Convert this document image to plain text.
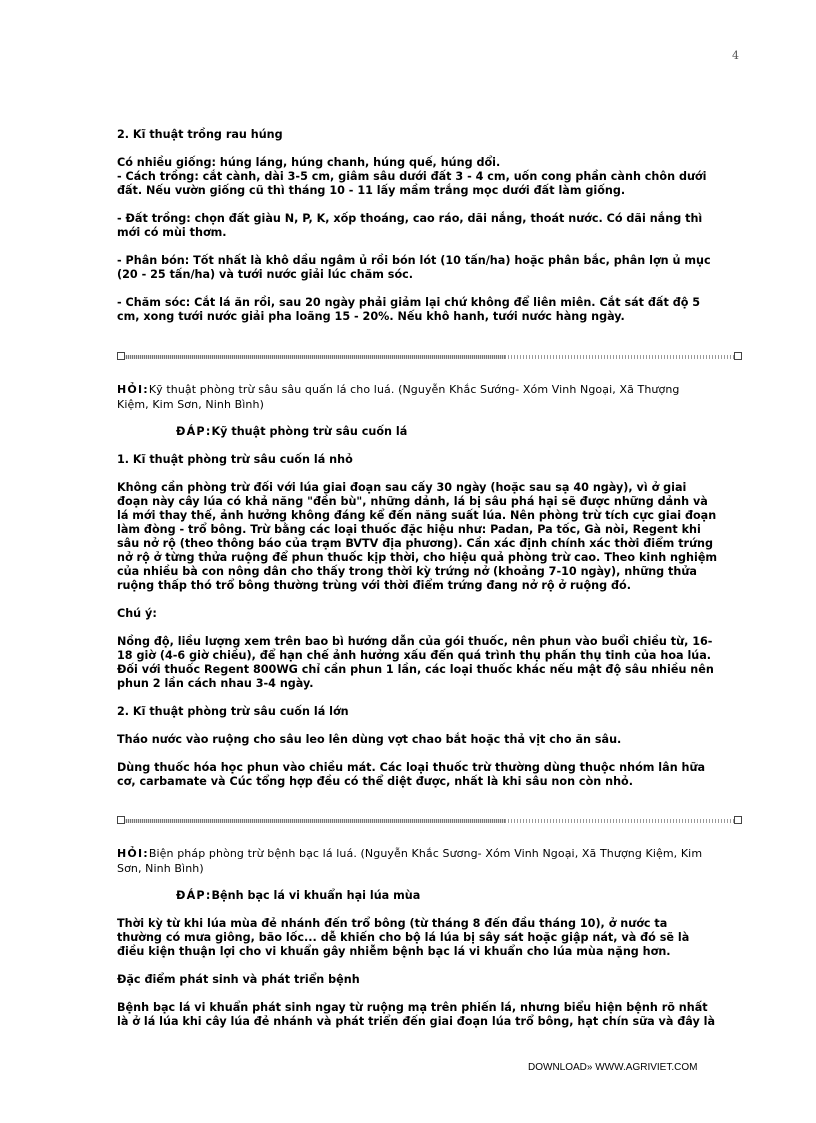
4

2. Kĩ thuật trồng rau húng

Có nhiều giống: húng láng, húng chanh, húng quế, húng dổi.

- Cách trồng: cắt cành, dài 3-5 cm, giâm sâu dưới đất 3 - 4 cm, uốn cong phần cành chôn dưới

đất. Nếu vườn giống cũ thì tháng 10 - 11 lấy mầm trắng mọc dưới đất làm giống.

- Đất trồng: chọn đất giàu N, P, K, xốp thoáng, cao ráo, dãi nắng, thoát nước. Có dãi nắng thì

mới có mùi thơm.

- Phân bón: Tốt nhất là khô dầu ngâm ủ rồi bón lót (10 tấn/ha) hoặc phân bắc, phân lợn ủ mục

(20 - 25 tấn/ha) và tưới nước giải lúc chăm sóc.

- Chăm sóc: Cắt lá ăn rồi, sau 20 ngày phải giảm lại chứ không để liên miên. Cắt sát đất độ 5

cm, xong tưới nước giải pha loãng 15 - 20%. Nếu khô hanh, tưới nước hàng ngày.

HỎI:Kỹ thuật phòng trừ sâu sâu quấn lá cho luá. (Nguyễn Khắc Sướng- Xóm Vinh Ngoại, Xã Thượng

Kiệm, Kim Sơn, Ninh Bình)

ĐÁP:Kỹ thuật phòng trừ sâu cuốn lá

1. Kĩ thuật phòng trừ sâu cuốn lá nhỏ

Không cần phòng trừ đối với lúa giai đoạn sau cấy 30 ngày (hoặc sau sạ 40 ngày), vì ở giai

đoạn này cây lúa có khả năng "đền bù", những dảnh, lá bị sâu phá hại sẽ được những dảnh và

lá mới thay thế, ảnh hưởng không đáng kể đến năng suất lúa. Nên phòng trừ tích cực giai đoạn

làm đòng - trổ bông. Trừ bằng các loại thuốc đặc hiệu như: Padan, Pa tốc, Gà nòi, Regent khi

sâu nở rộ (theo thông báo của trạm BVTV địa phương). Cần xác định chính xác thời điểm trứng

nở rộ ở từng thửa ruộng để phun thuốc kịp thời, cho hiệu quả phòng trừ cao. Theo kinh nghiệm

của nhiều bà con nông dân cho thấy trong thời kỳ trứng nở (khoảng 7-10 ngày), những thửa

ruộng thấp thó trổ bông thường trùng với thời điểm trứng đang nở rộ ở ruộng đó.

Chú ý:

Nồng độ, liều lượng xem trên bao bì hướng dẫn của gói thuốc, nên phun vào buổi chiều từ, 16-

18 giờ (4-6 giờ chiều), để hạn chế ảnh hưởng xấu đến quá trình thụ phấn thụ tinh của hoa lúa.

Đối với thuốc Regent 800WG chỉ cần phun 1 lần, các loại thuốc khác nếu mật độ sâu nhiều nên

phun 2 lần cách nhau 3-4 ngày.

2. Kĩ thuật phòng trừ sâu cuốn lá lớn

Tháo nước vào ruộng cho sâu leo lên dùng vợt chao bắt hoặc thả vịt cho ăn sâu.

Dùng thuốc hóa học phun vào chiều mát. Các loại thuốc trừ thường dùng thuộc nhóm lân hữa

cơ, carbamate và Cúc tổng hợp đều có thể diệt được, nhất là khi sâu non còn nhỏ.

HỎI:Biện pháp phòng trừ bệnh bạc lá luá. (Nguyễn Khắc Sương- Xóm Vinh Ngoại, Xã Thượng Kiệm, Kim

Sơn, Ninh Bình)

ĐÁP:Bệnh bạc lá vi khuẩn hại lúa mùa

Thời kỳ từ khi lúa mùa đẻ nhánh đến trổ bông (từ tháng 8 đến đầu tháng 10), ở nước ta

thường có mưa giông, bão lốc... dễ khiến cho bộ lá lúa bị sây sát hoặc giập nát, và đó sẽ là

điều kiện thuận lợi cho vi khuẩn gây nhiễm bệnh bạc lá vi khuẩn cho lúa mùa nặng hơn.

Đặc điểm phát sinh và phát triển bệnh

Bệnh bạc lá vi khuẩn phát sinh ngay từ ruộng mạ trên phiến lá, nhưng biểu hiện bệnh rõ nhất

là ở lá lúa khi cây lúa đẻ nhánh và phát triển đến giai đoạn lúa trổ bông, hạt chín sữa và đây là

DOWNLOAD» WWW.AGRIVIET.COM
